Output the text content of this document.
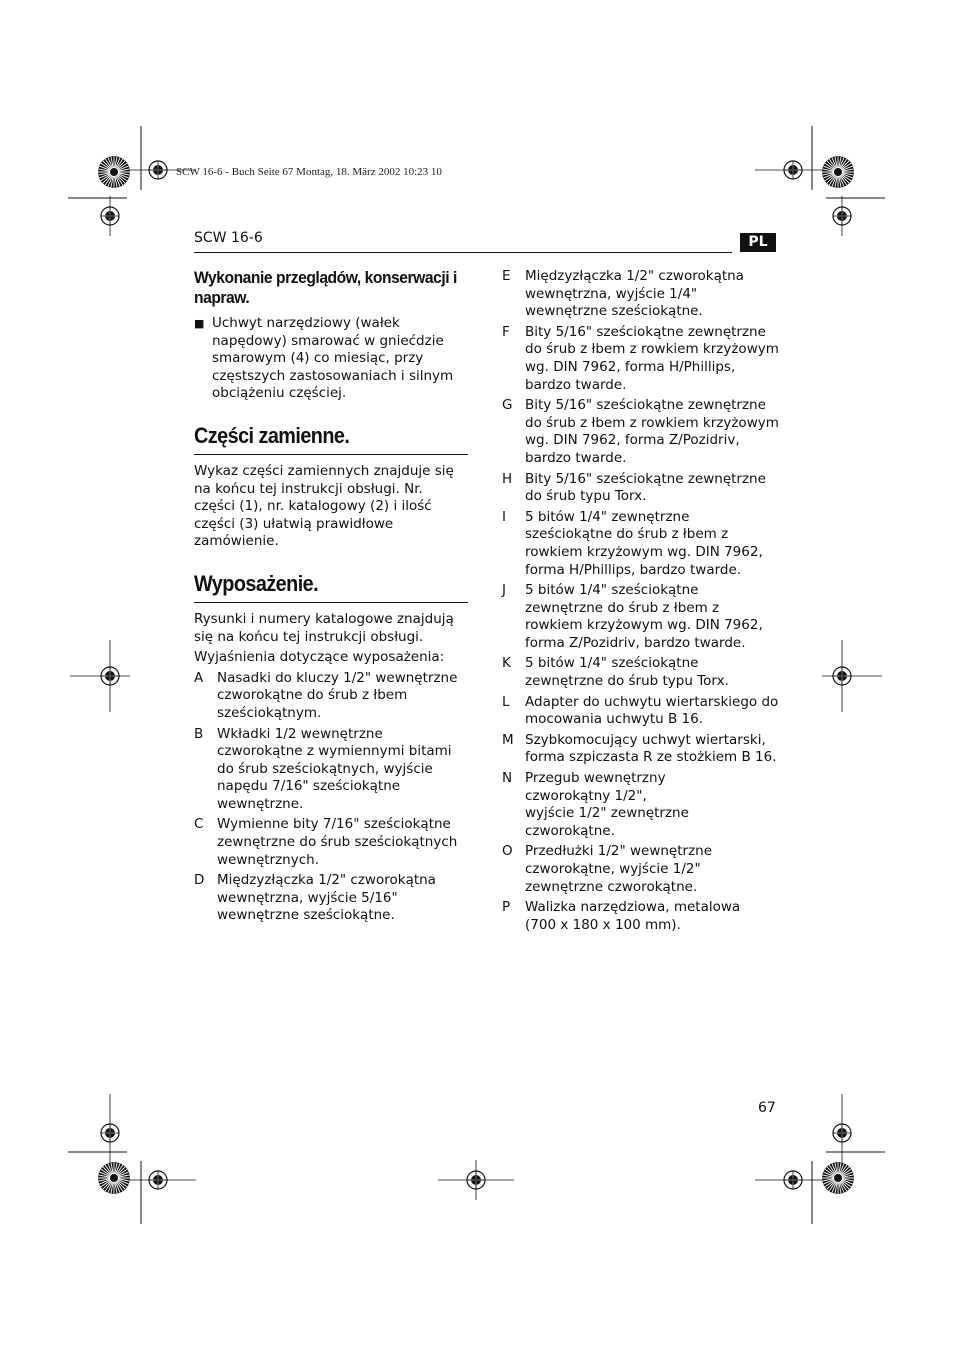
SCW 16-6 - Buch Seite 67 Montag, 18. März 2002 10:23 10
SCW 16-6	PL
Wykonanie przeglądów, konserwacji i napraw.
■ Uchwyt narzędziowy (wałek napędowy) smarować w gniećdzie smarowym (4) co miesiąc, przy częstszych zastosowaniach i silnym obciążeniu częściej.
Części zamienne.
Wykaz części zamiennych znajduje się na końcu tej instrukcji obsługi. Nr. części (1), nr. katalogowy (2) i ilość części (3) ułatwią prawidłowe zamówienie.
Wyposażenie.
Rysunki i numery katalogowe znajdują się na końcu tej instrukcji obsługi.
Wyjaśnienia dotyczące wyposażenia:
A	Nasadki do kluczy 1/2" wewnętrzne czworokątne do śrub z łbem sześciokątnym.
B	Wkładki 1/2 wewnętrzne czworokątne z wymiennymi bitami do śrub sześciokątnych, wyjście napędu 7/16" sześciokątne wewnętrzne.
C	Wymienne bity 7/16" sześciokątne zewnętrzne do śrub sześciokątnych wewnętrznych.
D Międzyzłączka 1/2" czworokątna wewnętrzna, wyjście 5/16" wewnętrzne sześciokątne.
E	Międzyzłączka 1/2" czworokątna wewnętrzna, wyjście 1/4" wewnętrzne sześciokątne.
F	Bity 5/16" sześciokątne zewnętrzne do śrub z łbem z rowkiem krzyżowym wg. DIN 7962, forma H/Phillips, bardzo twarde.
G Bity 5/16" sześciokątne zewnętrzne do śrub z łbem z rowkiem krzyżowym wg. DIN 7962, forma Z/Pozidriv, bardzo twarde.
H Bity 5/16" sześciokątne zewnętrzne do śrub typu Torx.
I	5 bitów 1/4" zewnętrzne sześciokątne do śrub z łbem z rowkiem krzyżowym wg. DIN 7962, forma H/Phillips, bardzo twarde.
J	5 bitów 1/4" sześciokątne zewnętrzne do śrub z łbem z rowkiem krzyżowym wg. DIN 7962, forma Z/Pozidriv, bardzo twarde.
K	5 bitów 1/4" sześciokątne zewnętrzne do śrub typu Torx.
L	Adapter do uchwytu wiertarskiego do mocowania uchwytu B 16.
M Szybkomocujący uchwyt wiertarski, forma szpiczasta R ze stożkiem B 16.
N Przegub wewnętrzny
czworokątny 1/2",
wyjście 1/2" zewnętrzne czworokątne.
O Przedłużki 1/2" wewnętrzne czworokątne, wyjście 1/2" zewnętrzne czworokątne.
P	Walizka narzędziowa, metalowa
(700 x 180 x 100 mm).
67
